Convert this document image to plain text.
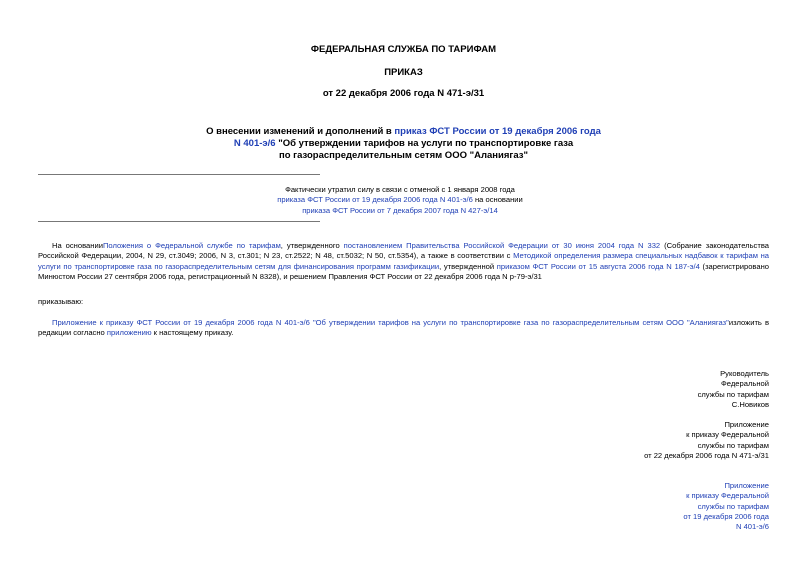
ФЕДЕРАЛЬНАЯ СЛУЖБА ПО ТАРИФАМ
ПРИКАЗ
от 22 декабря 2006 года N 471-э/31
О внесении изменений и дополнений в приказ ФСТ России от 19 декабря 2006 года
N 401-э/6 "Об утверждении тарифов на услуги по транспортировке газа
по газораспределительным сетям ООО "Аланиягаз"
Фактически утратил силу в связи с отменой с 1 января 2008 года
приказа ФСТ России от 19 декабря 2006 года N 401-э/6 на основании
приказа ФСТ России от 7 декабря 2007 года N 427-э/14

На основанииПоложения о Федеральной службе по тарифам, утвержденного постановлением Правительства Российской Федерации от 30 июня 2004 года N 332 (Собрание законодательства Российской Федерации, 2004, N 29, ст.3049; 2006, N 3, ст.301; N 23, ст.2522; N 48, ст.5032; N 50, ст.5354), а также в соответствии с Методикой определения размера специальных надбавок к тарифам на услуги по транспортировке газа по газораспределительным сетям для финансирования программ газификации, утвержденной приказом ФСТ России от 15 августа 2006 года N 187-э/4 (зарегистрировано Минюстом России 27 сентября 2006 года, регистрационный N 8328), и решением Правления ФСТ России от 22 декабря 2006 года N р-79-э/31

приказываю:

Приложение к приказу ФСТ России от 19 декабря 2006 года N 401-э/6 "Об утверждении тарифов на услуги по транспортировке газа по газораспределительным сетям ООО "Аланиягаз"изложить в редакции согласно приложению к настоящему приказу.

Руководитель
Федеральной
службы по тарифам
С.Новиков
Приложение
к приказу Федеральной
службы по тарифам
от 22 декабря 2006 года N 471-э/31
Приложение
к приказу Федеральной
службы по тарифам
от 19 декабря 2006 года
N 401-э/6
